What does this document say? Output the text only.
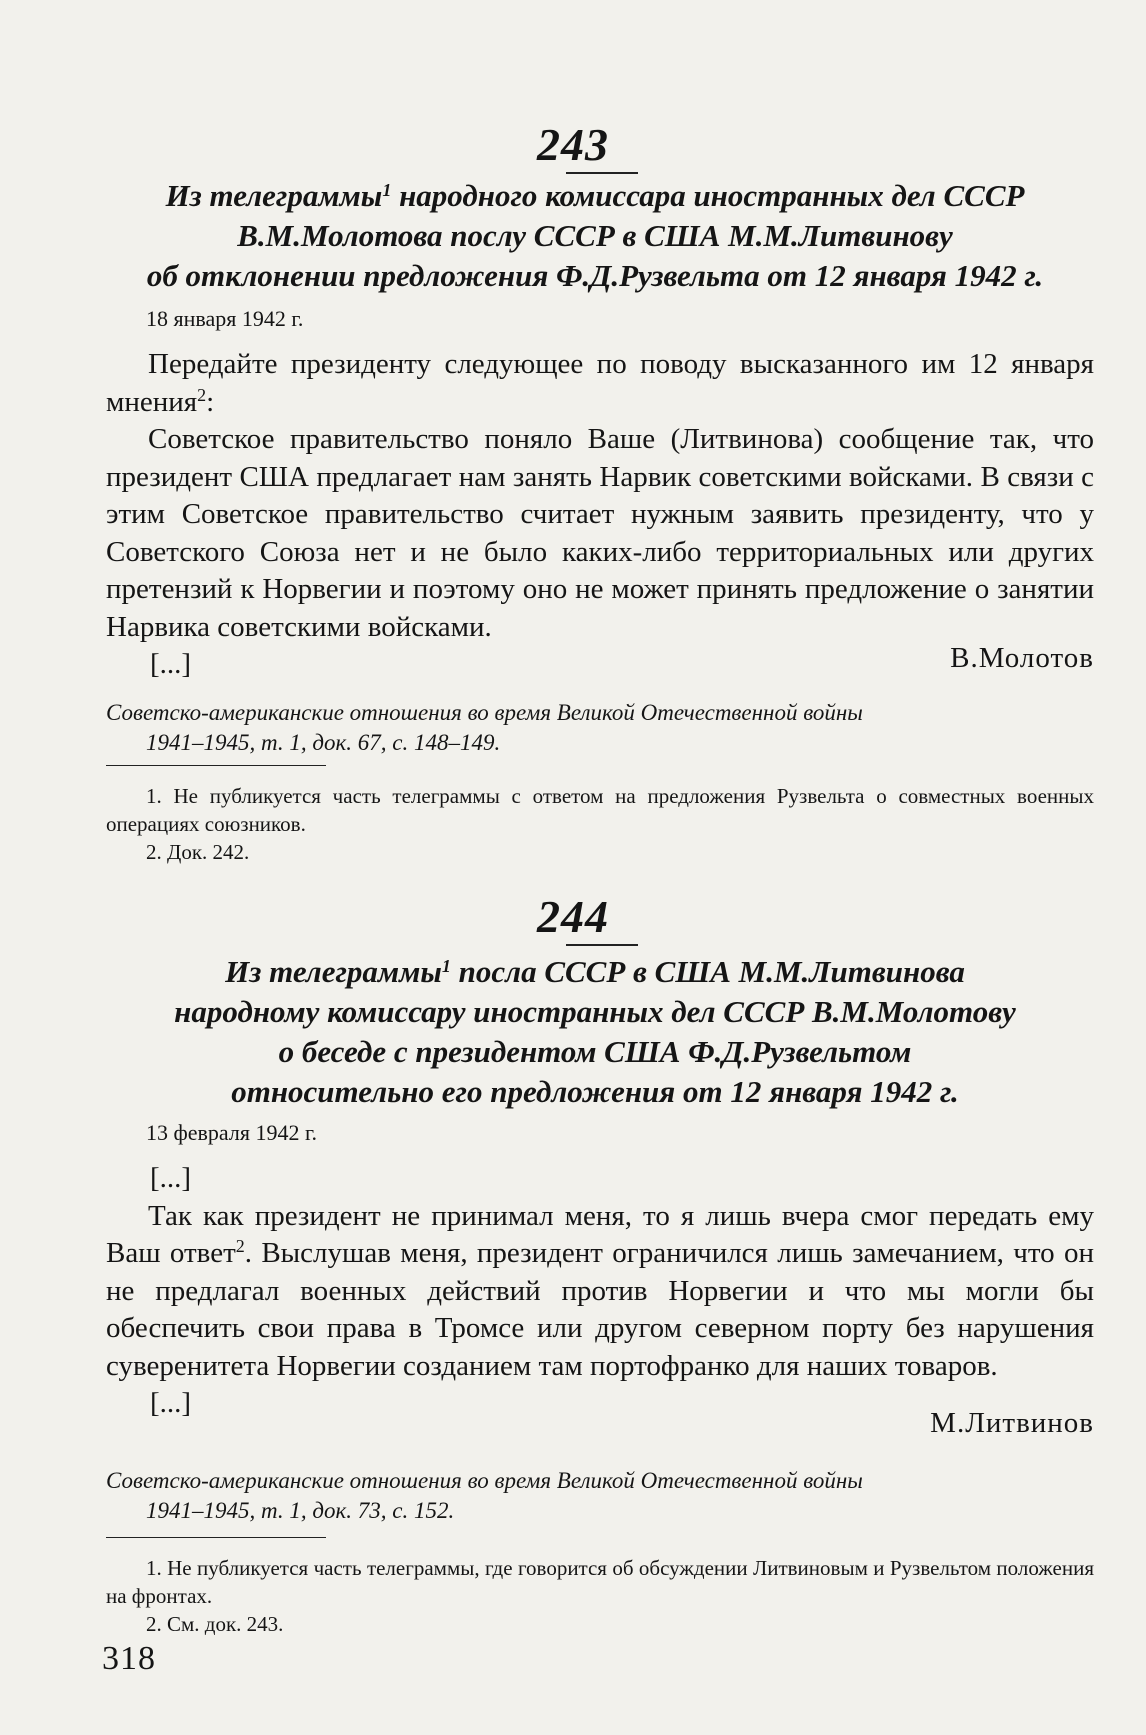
243
Из телеграммы$^1$ народного комиссара иностранных дел СССР
В.М.Молотова послу СССР в США М.М.Литвинову
об отклонении предложения Ф.Д.Рузвельта от 12 января 1942 г.
18 января 1942 г.

Передайте президенту следующее по поводу высказанного им 12 января мнения$^2$:

Советское правительство поняло Ваше (Литвинова) сообщение так, что президент США предлагает нам занять Нарвик советскими войсками. В связи с этим Советское правительство считает нужным заявить президенту, что у Советского Союза нет и не было каких-либо территориальных или других претензий к Норвегии и поэтому оно не может принять предложение о занятии Нарвика советскими войсками.

[...]	В.Молотов
Советско-американские отношения во время Великой Отечественной войны
1941–1945, т. 1, док. 67, с. 148–149.

1. Не публикуется часть телеграммы с ответом на предложения Рузвельта о совместных военных операциях союзников.

2. Док. 242.

244
Из телеграммы$^1$ посла СССР в США М.М.Литвинова
народному комиссару иностранных дел СССР В.М.Молотову
о беседе с президентом США Ф.Д.Рузвельтом
относительно его предложения от 12 января 1942 г.
13 февраля 1942 г.

[...]

Так как президент не принимал меня, то я лишь вчера смог передать ему Ваш ответ$^2$. Выслушав меня, президент ограничился лишь замечанием, что он не предлагал военных действий против Норвегии и что мы могли бы обеспечить свои права в Тромсе или другом северном порту без нарушения суверенитета Норвегии созданием там портофранко для наших товаров.

[...]

М.Литвинов
Советско-американские отношения во время Великой Отечественной войны
1941–1945, т. 1, док. 73, с. 152.

1. Не публикуется часть телеграммы, где говорится об обсуждении Литвиновым и Рузвельтом положения на фронтах.

2. См. док. 243.

318
